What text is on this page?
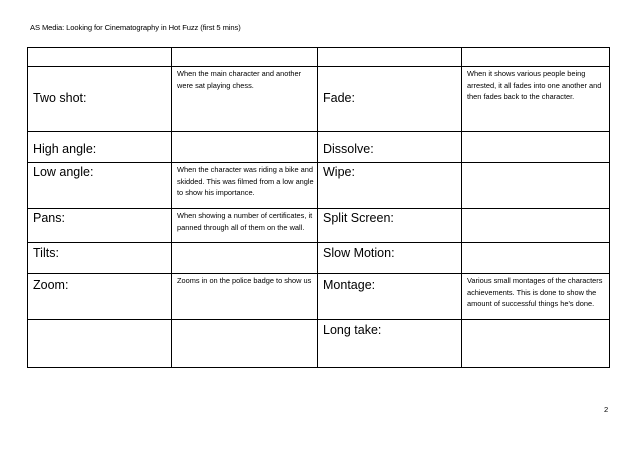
AS Media: Looking for Cinematography in Hot Fuzz (first 5 mins)

Two shot:	When the main character and another were sat playing chess.	Fade:	When it shows various people being arrested, it all fades into one another and then fades back to the character.

High angle:		Dissolve:	

Low angle:	When the character was riding a bike and skidded. This was filmed from a low angle to show his importance.	Wipe:	

Pans:	When showing a number of certificates, it panned through all of them on the wall.	Split Screen:	

Tilts:		Slow Motion:	

Zoom:	Zooms in on the police badge to show us	Montage:	Various small montages of the characters achievements. This is done to show the amount of successful things he's done.

		Long take:	

2
